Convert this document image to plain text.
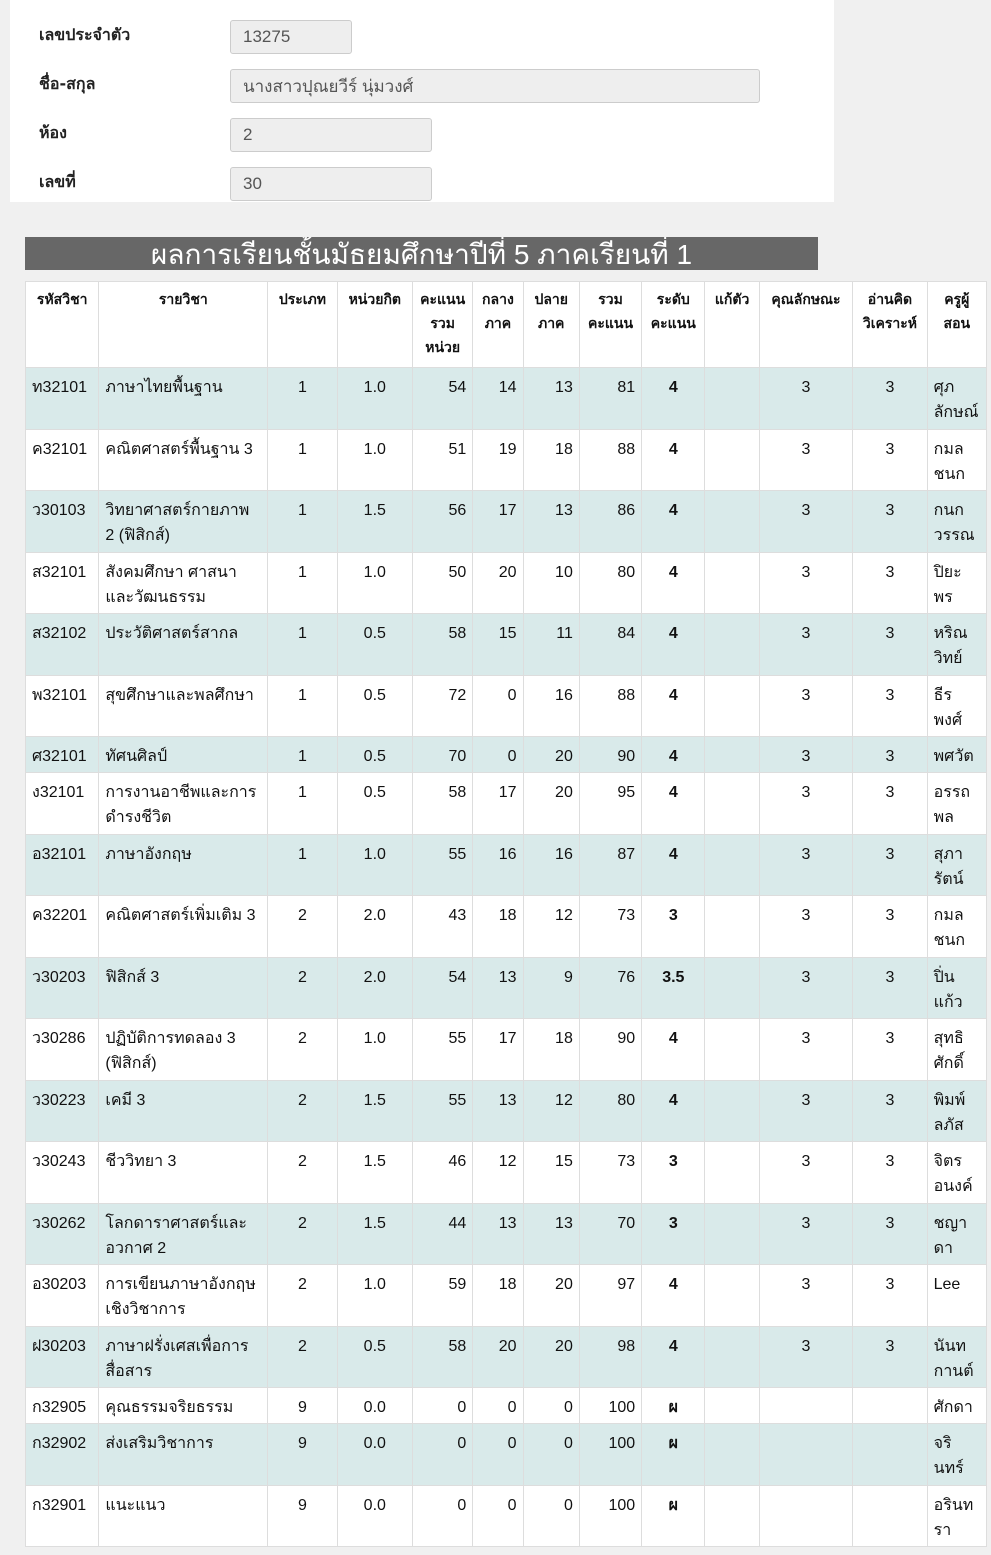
เลขประจำตัว
13275
ชื่อ-สกุล
นางสาวปุณยวีร์ นุ่มวงศ์
ห้อง
2
เลขที่
30
ผลการเรียนชั้นมัธยมศึกษาปีที่ 5 ภาคเรียนที่ 1
รหัสวิชา	รายวิชา	ประเภท	หน่วยกิต	คะแนนรวมหน่วย	กลางภาค	ปลายภาค	รวมคะแนน	ระดับคะแนน	แก้ตัว	คุณลักษณะ	อ่านคิดวิเคราะห์	ครูผู้สอน
ท32101	ภาษาไทยพื้นฐาน	1	1.0	54	14	13	81	4		3	3	ศุภลักษณ์
ค32101	คณิตศาสตร์พื้นฐาน 3	1	1.0	51	19	18	88	4		3	3	กมลชนก
ว30103	วิทยาศาสตร์กายภาพ 2 (ฟิสิกส์)	1	1.5	56	17	13	86	4		3	3	กนกวรรณ
ส32101	สังคมศึกษา ศาสนาและวัฒนธรรม	1	1.0	50	20	10	80	4		3	3	ปิยะพร
ส32102	ประวัติศาสตร์สากล	1	0.5	58	15	11	84	4		3	3	หริณวิทย์
พ32101	สุขศึกษาและพลศึกษา	1	0.5	72	0	16	88	4		3	3	ธีรพงศ์
ศ32101	ทัศนศิลป์	1	0.5	70	0	20	90	4		3	3	พศวัต
ง32101	การงานอาชีพและการดำรงชีวิต	1	0.5	58	17	20	95	4		3	3	อรรถพล
อ32101	ภาษาอังกฤษ	1	1.0	55	16	16	87	4		3	3	สุภารัตน์
ค32201	คณิตศาสตร์เพิ่มเติม 3	2	2.0	43	18	12	73	3		3	3	กมลชนก
ว30203	ฟิสิกส์ 3	2	2.0	54	13	9	76	3.5		3	3	ปิ่นแก้ว
ว30286	ปฏิบัติการทดลอง 3 (ฟิสิกส์)	2	1.0	55	17	18	90	4		3	3	สุทธิศักดิ์
ว30223	เคมี 3	2	1.5	55	13	12	80	4		3	3	พิมพ์ลภัส
ว30243	ชีววิทยา 3	2	1.5	46	12	15	73	3		3	3	จิตรอนงค์
ว30262	โลกดาราศาสตร์และอวกาศ 2	2	1.5	44	13	13	70	3		3	3	ชญาดา
อ30203	การเขียนภาษาอังกฤษเชิงวิชาการ	2	1.0	59	18	20	97	4		3	3	Lee
ฝ30203	ภาษาฝรั่งเศสเพื่อการสื่อสาร	2	0.5	58	20	20	98	4		3	3	นันทกานต์
ก32905	คุณธรรมจริยธรรม	9	0.0	0	0	0	100	ผ				ศักดา
ก32902	ส่งเสริมวิชาการ	9	0.0	0	0	0	100	ผ				จรินทร์
ก32901	แนะแนว	9	0.0	0	0	0	100	ผ				อรินทรา
